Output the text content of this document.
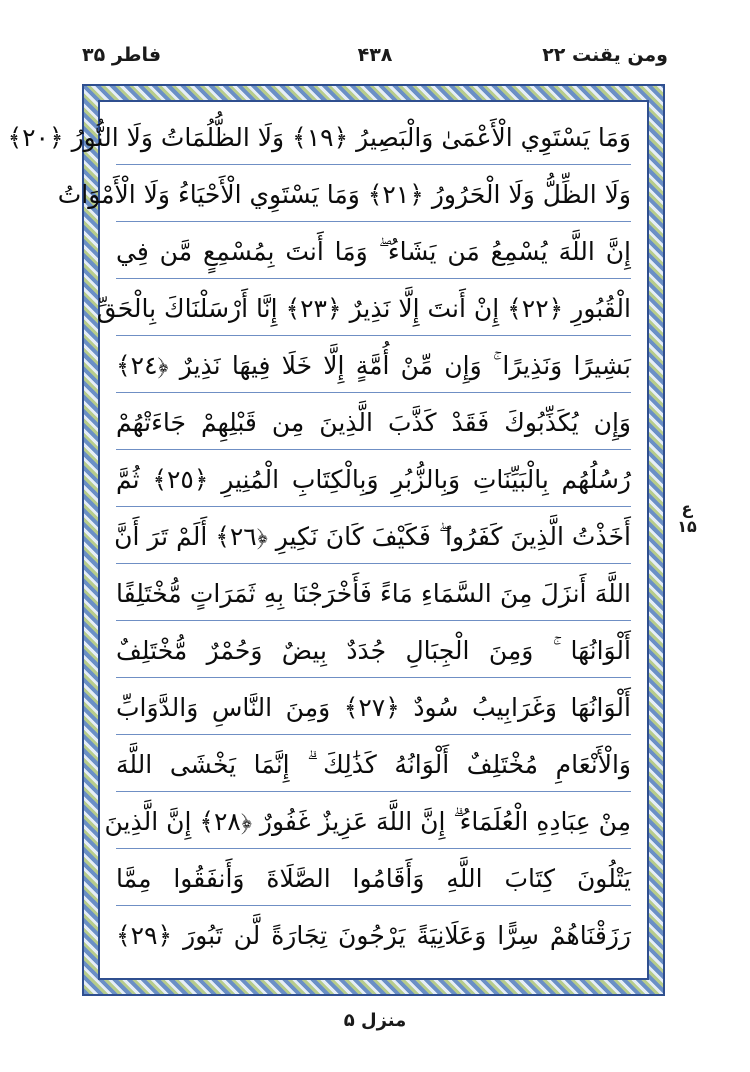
ومن يقنت ٢٢
۴۳۸
فاطر ۳۵
وَمَا يَسْتَوِي الْأَعْمَىٰ وَالْبَصِيرُ ﴿١٩﴾ وَلَا الظُّلُمَاتُ وَلَا النُّورُ ﴿٢٠﴾
وَلَا الظِّلُّ وَلَا الْحَرُورُ ﴿٢١﴾ وَمَا يَسْتَوِي الْأَحْيَاءُ وَلَا الْأَمْوَاتُ
إِنَّ اللَّهَ يُسْمِعُ مَن يَشَاءُ ۖ وَمَا أَنتَ بِمُسْمِعٍ مَّن فِي
الْقُبُورِ ﴿٢٢﴾ إِنْ أَنتَ إِلَّا نَذِيرٌ ﴿٢٣﴾ إِنَّا أَرْسَلْنَاكَ بِالْحَقِّ
بَشِيرًا وَنَذِيرًا ۚ وَإِن مِّنْ أُمَّةٍ إِلَّا خَلَا فِيهَا نَذِيرٌ ﴿٢٤﴾
وَإِن يُكَذِّبُوكَ فَقَدْ كَذَّبَ الَّذِينَ مِن قَبْلِهِمْ جَاءَتْهُمْ
رُسُلُهُم بِالْبَيِّنَاتِ وَبِالزُّبُرِ وَبِالْكِتَابِ الْمُنِيرِ ﴿٢٥﴾ ثُمَّ
أَخَذْتُ الَّذِينَ كَفَرُوا ۖ فَكَيْفَ كَانَ نَكِيرِ ﴿٢٦﴾ أَلَمْ تَرَ أَنَّ
اللَّهَ أَنزَلَ مِنَ السَّمَاءِ مَاءً فَأَخْرَجْنَا بِهِ ثَمَرَاتٍ مُّخْتَلِفًا
أَلْوَانُهَا ۚ وَمِنَ الْجِبَالِ جُدَدٌ بِيضٌ وَحُمْرٌ مُّخْتَلِفٌ
أَلْوَانُهَا وَغَرَابِيبُ سُودٌ ﴿٢٧﴾ وَمِنَ النَّاسِ وَالدَّوَابِّ
وَالْأَنْعَامِ مُخْتَلِفٌ أَلْوَانُهُ كَذَٰلِكَ ۗ إِنَّمَا يَخْشَى اللَّهَ
مِنْ عِبَادِهِ الْعُلَمَاءُ ۗ إِنَّ اللَّهَ عَزِيزٌ غَفُورٌ ﴿٢٨﴾ إِنَّ الَّذِينَ
يَتْلُونَ كِتَابَ اللَّهِ وَأَقَامُوا الصَّلَاةَ وَأَنفَقُوا مِمَّا
رَزَقْنَاهُمْ سِرًّا وَعَلَانِيَةً يَرْجُونَ تِجَارَةً لَّن تَبُورَ ﴿٢٩﴾
ع ۱۵
منزل ۵
